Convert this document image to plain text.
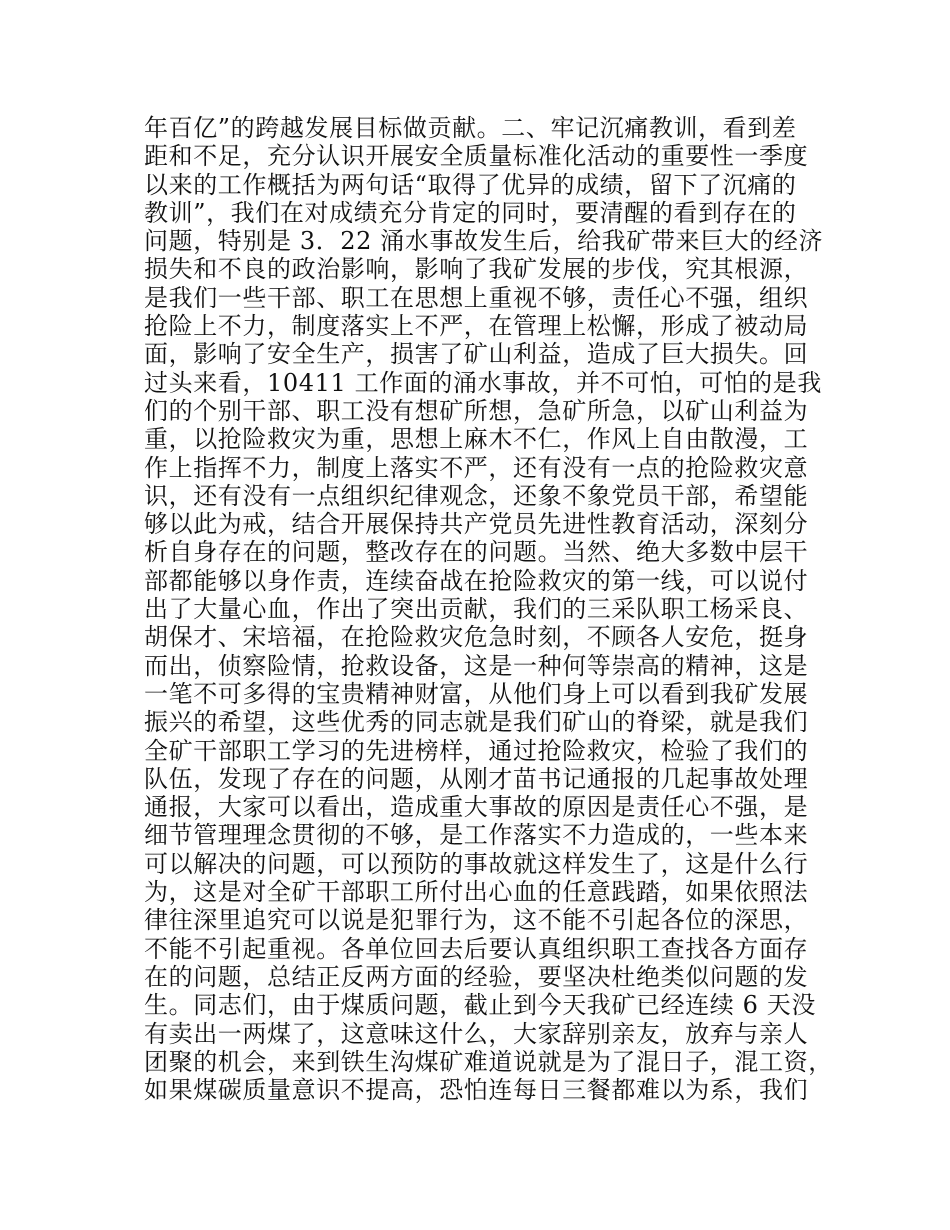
年百亿”的跨越发展目标做贡献。二、牢记沉痛教训，看到差
距和不足，充分认识开展安全质量标准化活动的重要性一季度
以来的工作概括为两句话“取得了优异的成绩，留下了沉痛的
教训”，我们在对成绩充分肯定的同时，要清醒的看到存在的
问题，特别是 3．22 涌水事故发生后，给我矿带来巨大的经济
损失和不良的政治影响，影响了我矿发展的步伐，究其根源，
是我们一些干部、职工在思想上重视不够，责任心不强，组织
抢险上不力，制度落实上不严，在管理上松懈，形成了被动局
面，影响了安全生产，损害了矿山利益，造成了巨大损失。回
过头来看，10411 工作面的涌水事故，并不可怕，可怕的是我
们的个别干部、职工没有想矿所想，急矿所急，以矿山利益为
重，以抢险救灾为重，思想上麻木不仁，作风上自由散漫，工
作上指挥不力，制度上落实不严，还有没有一点的抢险救灾意
识，还有没有一点组织纪律观念，还象不象党员干部，希望能
够以此为戒，结合开展保持共产党员先进性教育活动，深刻分
析自身存在的问题，整改存在的问题。当然、绝大多数中层干
部都能够以身作责，连续奋战在抢险救灾的第一线，可以说付
出了大量心血，作出了突出贡献，我们的三采队职工杨采良、
胡保才、宋培福，在抢险救灾危急时刻，不顾各人安危，挺身
而出，侦察险情，抢救设备，这是一种何等崇高的精神，这是
一笔不可多得的宝贵精神财富，从他们身上可以看到我矿发展
振兴的希望，这些优秀的同志就是我们矿山的脊梁，就是我们
全矿干部职工学习的先进榜样，通过抢险救灾，检验了我们的
队伍，发现了存在的问题，从刚才苗书记通报的几起事故处理
通报，大家可以看出，造成重大事故的原因是责任心不强，是
细节管理理念贯彻的不够，是工作落实不力造成的，一些本来
可以解决的问题，可以预防的事故就这样发生了，这是什么行
为，这是对全矿干部职工所付出心血的任意践踏，如果依照法
律往深里追究可以说是犯罪行为，这不能不引起各位的深思，
不能不引起重视。各单位回去后要认真组织职工查找各方面存
在的问题，总结正反两方面的经验，要坚决杜绝类似问题的发
生。同志们，由于煤质问题，截止到今天我矿已经连续 6 天没
有卖出一两煤了，这意味这什么，大家辞别亲友，放弃与亲人
团聚的机会，来到铁生沟煤矿难道说就是为了混日子，混工资，
如果煤碳质量意识不提高，恐怕连每日三餐都难以为系，我们
